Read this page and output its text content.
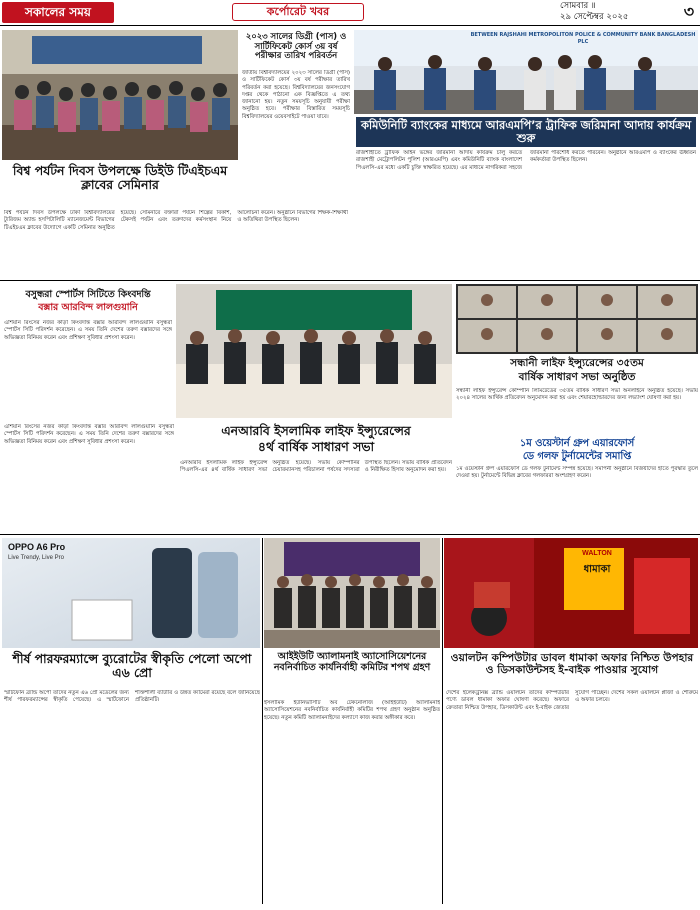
সকালের সময়	কর্পোরেট খবর	সোমবার ॥
২৯ সেপ্টেম্বর ২০২৫	৩
২০২৩ সালের ডিগ্রী (পাস) ও সার্টিফিকেট কোর্স ৩য় বর্ষ পরীক্ষার তারিখ পরিবর্তন
জাতীয় বিশ্ববিদ্যালয়ের ২০২৩ সালের ডিগ্রী (পাস) ও সার্টিফিকেট কোর্স ৩য় বর্ষ পরীক্ষার তারিখ পরিবর্তন করা হয়েছে। বিশ্ববিদ্যালয়ের জনসংযোগ দপ্তর থেকে পাঠানো এক বিজ্ঞপ্তিতে এ তথ্য জানানো হয়। নতুন সময়সূচি অনুযায়ী পরীক্ষা অনুষ্ঠিত হবে। পরীক্ষার বিস্তারিত সময়সূচি বিশ্ববিদ্যালয়ের ওয়েবসাইটে পাওয়া যাবে।
বিশ্ব পর্যটন দিবস উপলক্ষে ডিইউ টিএইচএম ক্লাবের সেমিনার
বিশ্ব পর্যটন দিবস উপলক্ষে ঢাকা বিশ্ববিদ্যালয়ের ট্যুরিজম অ্যান্ড হসপিটালিটি ম্যানেজমেন্ট বিভাগের টিএইচএম ক্লাবের উদ্যোগে একটি সেমিনার অনুষ্ঠিত হয়েছে। সেমিনারে বক্তারা পর্যটন শিল্পের বিকাশ, টেকসই পর্যটন এবং তরুণদের কর্মসংস্থান নিয়ে আলোচনা করেন। অনুষ্ঠানে বিভাগের শিক্ষক-শিক্ষার্থী ও অতিথিরা উপস্থিত ছিলেন।
BETWEEN RAJSHAHI METROPOLITON POLICE & COMMUNITY BANK BANGLADESH PLC
কমিউনিটি ব্যাংকের মাধ্যমে আরএমপি’র ট্রাফিক জরিমানা আদায় কার্যক্রম শুরু
রাজশাহীতে ট্রাফিক আইন ভঙ্গের জরিমানা আদায় কার্যক্রম চালু করতে রাজশাহী মেট্রোপলিটন পুলিশ (আরএমপি) এবং কমিউনিটি ব্যাংক বাংলাদেশ পিএলসি-এর মধ্যে একটি চুক্তি স্বাক্ষরিত হয়েছে। এর মাধ্যমে নাগরিকরা সহজে জরিমানা পরিশোধ করতে পারবেন। অনুষ্ঠানে আরএমপি ও ব্যাংকের ঊর্ধ্বতন কর্মকর্তারা উপস্থিত ছিলেন।
বসুন্ধরা স্পোর্টস সিটিতে কিংবদন্তি
বক্সার আরবিন্দ লালগুয়ানি
এশিয়ান রিংসের নজর কাড়া কিংবদন্তি বক্সার আরবিন্দ লালগুয়ানি বসুন্ধরা স্পোর্টস সিটি পরিদর্শন করেছেন। এ সময় তিনি দেশের তরুণ বক্সারদের সঙ্গে অভিজ্ঞতা বিনিময় করেন এবং প্রশিক্ষণ সুবিধার প্রশংসা করেন।
সন্ধানী লাইফ ইন্স্যুরেন্সের ৩৫তম
বার্ষিক সাধারণ সভা অনুষ্ঠিত
সন্ধানী লাইফ ইন্স্যুরেন্স কোম্পানি লিমিটেডের ৩৫তম বার্ষিক সাধারণ সভা অনলাইনে অনুষ্ঠিত হয়েছে। সভায় ২০২৪ সালের আর্থিক প্রতিবেদন অনুমোদন করা হয় এবং শেয়ারহোল্ডারদের জন্য লভ্যাংশ ঘোষণা করা হয়।
এনআরবি ইসলামিক লাইফ ইন্স্যুরেন্সের
৪র্থ বার্ষিক সাধারণ সভা
এনআরবি ইসলামিক লাইফ ইন্স্যুরেন্স পিএলসি-এর ৪র্থ বার্ষিক সাধারণ সভা অনুষ্ঠিত হয়েছে। সভায় কোম্পানির চেয়ারম্যানসহ পরিচালনা পর্ষদের সদস্যরা উপস্থিত ছিলেন। সভায় বার্ষিক প্রতিবেদন ও নিরীক্ষিত হিসাব অনুমোদন করা হয়।
এশিয়ান রিংসের নজর কাড়া কিংবদন্তি বক্সার আরবিন্দ লালগুয়ানি বসুন্ধরা স্পোর্টস সিটি পরিদর্শন করেছেন। এ সময় তিনি দেশের তরুণ বক্সারদের সঙ্গে অভিজ্ঞতা বিনিময় করেন এবং প্রশিক্ষণ সুবিধার প্রশংসা করেন।	১ম ওয়েস্টার্ন গ্রুপ এয়ারফোর্স
ডে গলফ টুর্নামেন্টের সমাপ্তি
১ম ওয়েস্টার্ন গ্রুপ এয়ারফোর্স ডে গলফ টুর্নামেন্ট সম্পন্ন হয়েছে। সমাপনী অনুষ্ঠানে বিজয়ীদের হাতে পুরস্কার তুলে দেওয়া হয়। টুর্নামেন্টে বিভিন্ন ক্লাবের গলফাররা অংশগ্রহণ করেন।
OPPO A6 Pro
Live Trendy, Live Pro
শীর্ষ পারফরম্যান্সে ব্যুরোটের স্বীকৃতি পেলো অপো এ৬ প্রো
স্মার্টফোন ব্র্যান্ড অপো তাদের নতুন এ৬ প্রো মডেলের জন্য শীর্ষ পারফরম্যান্সের স্বীকৃতি পেয়েছে। এ স্মার্টফোনে শক্তিশালী ব্যাটারি ও উন্নত ক্যামেরা রয়েছে বলে জানিয়েছে প্রতিষ্ঠানটি।
আইইউটি অ্যালামনাই অ্যাসোসিয়েশনের নবনির্বাচিত কার্যনির্বাহী কমিটির শপথ গ্রহণ
ইসলামিক ইউনিভার্সিটি অব টেকনোলজি (আইইউটি) অ্যালামনাই অ্যাসোসিয়েশনের নবনির্বাচিত কার্যনির্বাহী কমিটির শপথ গ্রহণ অনুষ্ঠান অনুষ্ঠিত হয়েছে। নতুন কমিটি অ্যালামনাইদের কল্যাণে কাজ করার অঙ্গীকার করে।
WALTON
ধামাকা
ওয়ালটন কম্পিউটার ডাবল ধামাকা অফার নিশ্চিত উপহার ও ডিসকাউন্টসহ ই-বাইক পাওয়ার সুযোগ
দেশের ইলেকট্রনিক্স ব্র্যান্ড ওয়ালটন তাদের কম্পিউটার পণ্যে ডাবল ধামাকা অফার ঘোষণা করেছে। অফারে ক্রেতারা নিশ্চিত উপহার, ডিসকাউন্ট এবং ই-বাইক জেতার সুযোগ পাচ্ছেন। দেশের সকল ওয়ালটন প্লাজা ও শোরুমে এ অফার চলবে।
